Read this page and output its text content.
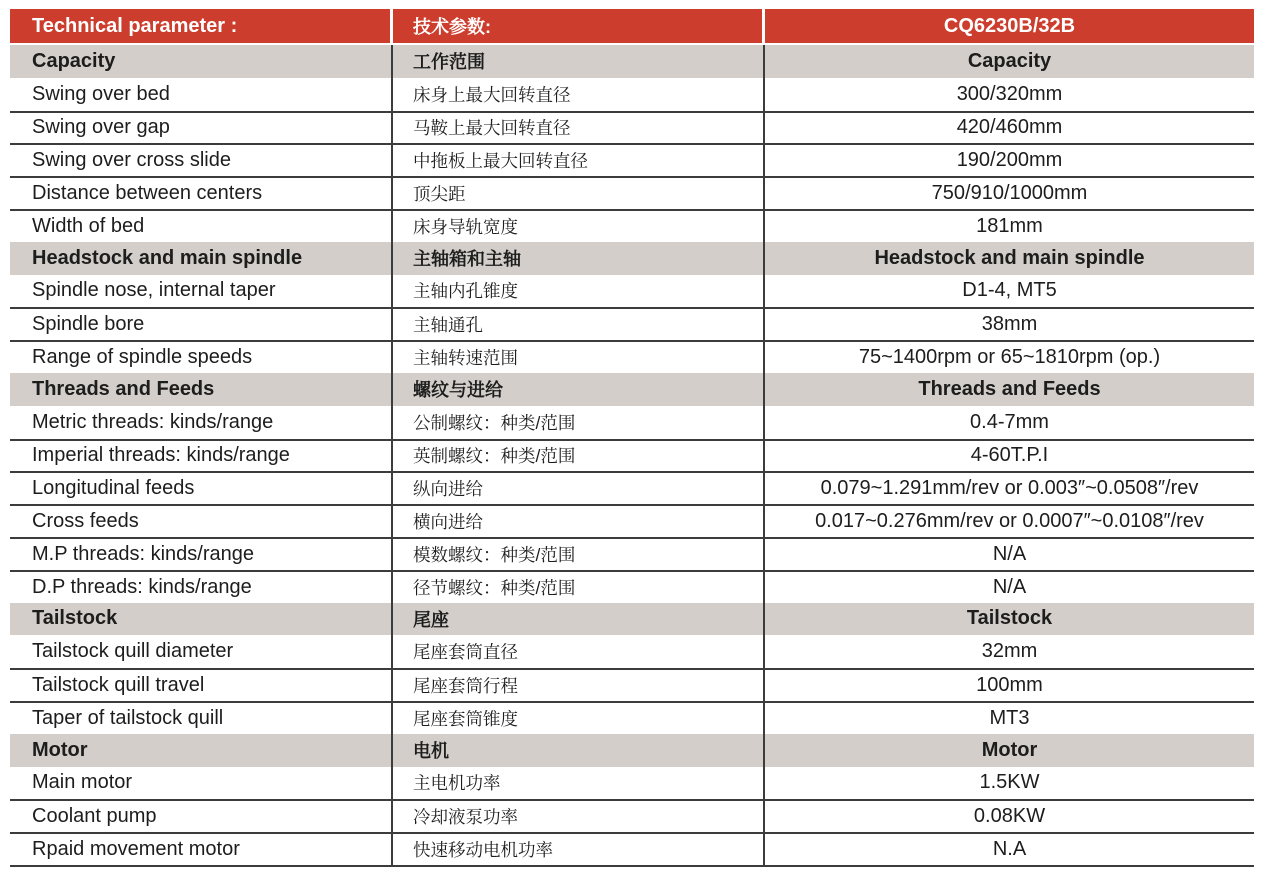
Technical parameter :	技术参数:	CQ6230B/32B
Capacity	工作范围	Capacity
Swing over bed	床身上最大回转直径	300/320mm
Swing over gap	马鞍上最大回转直径	420/460mm
Swing over cross slide	中拖板上最大回转直径	190/200mm
Distance between centers	顶尖距	750/910/1000mm
Width of bed	床身导轨宽度	181mm
Headstock and main spindle	主轴箱和主轴	Headstock and main spindle
Spindle nose, internal taper	主轴内孔锥度	D1-4, MT5
Spindle bore	主轴通孔	38mm
Range of spindle speeds	主轴转速范围	75~1400rpm or 65~1810rpm (op.)
Threads and Feeds	螺纹与进给	Threads and Feeds
Metric threads: kinds/range	公制螺纹：种类/范围	0.4-7mm
Imperial threads: kinds/range	英制螺纹：种类/范围	4-60T.P.I
Longitudinal feeds	纵向进给	0.079~1.291mm/rev or 0.003″~0.0508″/rev
Cross feeds	横向进给	0.017~0.276mm/rev or 0.0007″~0.0108″/rev
M.P threads: kinds/range	模数螺纹：种类/范围	N/A
D.P threads: kinds/range	径节螺纹：种类/范围	N/A
Tailstock	尾座	Tailstock
Tailstock quill diameter	尾座套筒直径	32mm
Tailstock quill travel	尾座套筒行程	100mm
Taper of tailstock quill	尾座套筒锥度	MT3
Motor	电机	Motor
Main motor	主电机功率	1.5KW
Coolant pump	冷却液泵功率	0.08KW
Rpaid movement motor	快速移动电机功率	N.A
